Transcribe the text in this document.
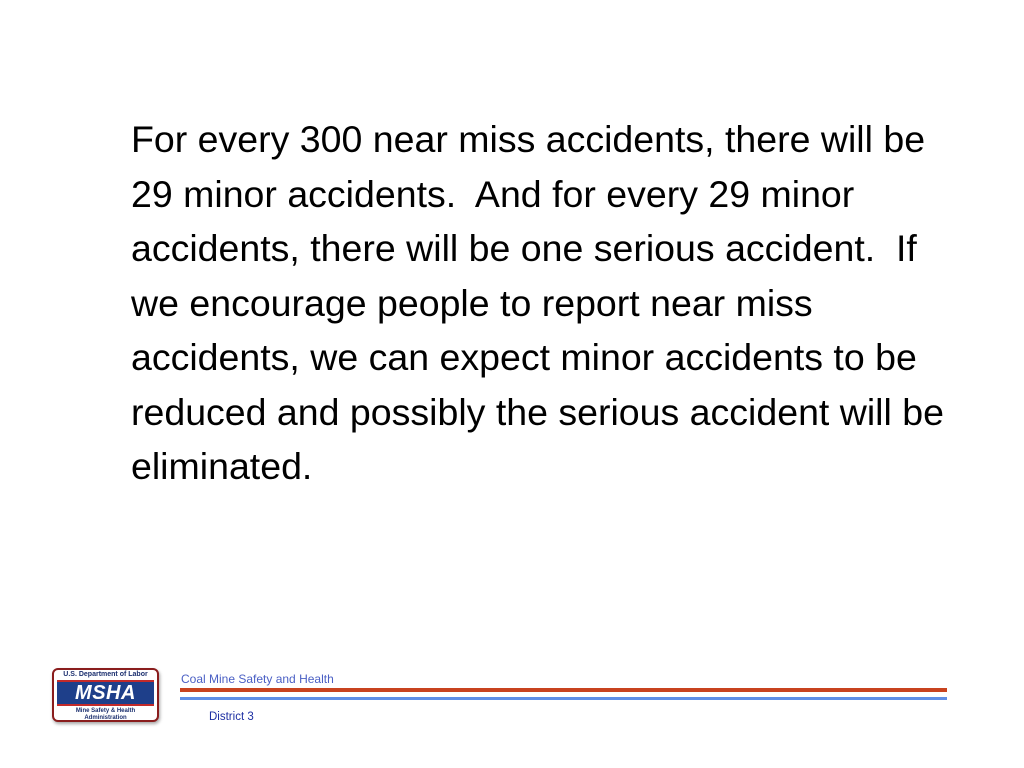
For every 300 near miss accidents, there will be 29 minor accidents.  And for every 29 minor accidents, there will be one serious accident.  If we encourage people to report near miss accidents, we can expect minor accidents to be reduced and possibly the serious accident will be eliminated.

U.S. Department of Labor
MSHA
Mine Safety & Health Administration
Coal Mine Safety and Health
District 3
